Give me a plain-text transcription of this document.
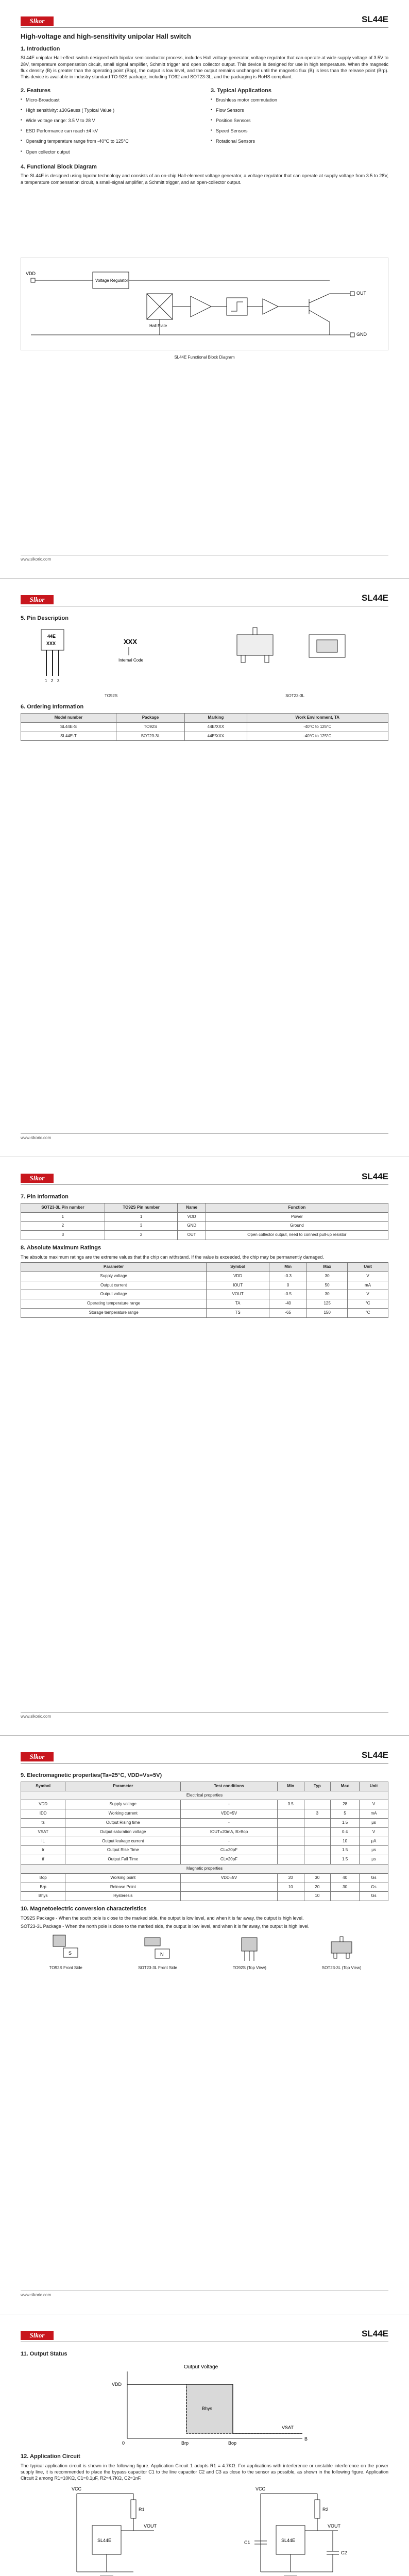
Slkor	SL44E
High-voltage and high-sensitivity unipolar Hall switch
1. Introduction

SL44E unipolar Hall-effect switch designed with bipolar semiconductor process, includes Hall voltage generator, voltage regulator that can operate at wide supply voltage of 3.5V to 28V, temperature compensation circuit, small signal amplifier, Schmitt trigger and open collector output. This device is designed for use in high temperature. When the magnetic flux density (B) is greater than the operating point (Bop), the output is low level, and the output remains unchanged until the magnetic flux (B) is less than the release point (Brp). This device is available in industry standard TO-92S package, including TO92 and SOT23-3L, and the packaging is RoHS compliant.

2. Features
▪ Micro-Broadcast
▪ High sensitivity: ±30Gauss ( Typical Value )
▪ Wide voltage range: 3.5 V to 28 V
▪ ESD Performance can reach ±4 kV
▪ Operating temperature range from -40°C to 125°C
▪ Open collector output
3. Typical Applications
▪ Brushless motor commutation
▪ Flow Sensors
▪ Position Sensors
▪ Speed Sensors
▪ Rotational Sensors
4. Functional Block Diagram

The SL44E is designed using bipolar technology and consists of an on-chip Hall-element voltage generator, a voltage regulator that can operate at supply voltage from 3.5 to 28V, a temperature compensation circuit, a small-signal amplifier, a Schmitt trigger, and an open-collector output.

VDD
Voltage Regulator
Hall Plate
OUT
GND
SL44E Functional Block Diagram
www.slkoric.com
Slkor	SL44E
5. Pin Description
44E
XXX
1 2 3
XXX
Internal Code
TO92S	SOT23-3L
6. Ordering Information
Model number	Package	Marking	Work Environment, TA
SL44E-S	TO92S	44E/XXX	-40°C to 125°C
SL44E-T	SOT23-3L	44E/XXX	-40°C to 125°C
www.slkoric.com
Slkor	SL44E
7. Pin Information
SOT23-3L Pin number	TO92S Pin number	Name	Function
1	1	VDD	Power
2	3	GND	Ground
3	2	OUT	Open collector output, need to connect pull-up resistor
8. Absolute Maximum Ratings

The absolute maximum ratings are the extreme values that the chip can withstand. If the value is exceeded, the chip may be permanently damaged.

Parameter	Symbol	Min	Max	Unit
Supply voltage	VDD	-0.3	30	V
Output current	IOUT	0	50	mA
Output voltage	VOUT	-0.5	30	V
Operating temperature range	TA	-40	125	°C
Storage temperature range	TS	-65	150	°C
www.slkoric.com
Slkor	SL44E
9. Electromagnetic properties(Ta=25°C, VDD=Vs=5V)
Symbol	Parameter	Test conditions	Min	Typ	Max	Unit
Electrical properties						
VDD	Supply voltage	-	3.5		28	V
IDD	Working current	VDD=5V		3	5	mA
ts	Output Rising time	-			1.5	μs
VSAT	Output saturation voltage	IOUT=20mA, B>Bop			0.4	V
IL	Output leakage current	-			10	μA
tr	Output Rise Time	CL=20pF			1.5	μs
tf	Output Fall Time	CL=20pF			1.5	μs
Magnetic properties						
Bop	Working point	VDD=5V	20	30	40	Gs
Brp	Release Point		10	20	30	Gs
Bhys	Hysteresis			10		Gs
10. Magnetoelectric conversion characteristics

TO92S Package - When the south pole is close to the marked side, the output is low level, and when it is far away, the output is high level.

SOT23-3L Package - When the north pole is close to the marked side, the output is low level, and when it is far away, the output is high level.

S
TO92S Front Side
N
SOT23-3L Front Side	TO92S (Top View)	SOT23-3L (Top View)
www.slkoric.com
Slkor	SL44E
11. Output Status
Output Voltage
Bhys
VDD
VSAT
0	Brp	Bop
B
12. Application Circuit

The typical application circuit is shown in the following figure. Application Circuit 1 adopts R1 = 4.7KΩ. For applications with interference or unstable interference on the power supply line, it is recommended to place the bypass capacitor C1 to the line capacitor C2 and C3 as close to the sensor as possible, as shown in the following figure. Application Circuit 2 among R1=10KΩ, C1=0.1μF, R2=4.7KΩ, C2=1nF.

VCC
R1
SL44E
VOUT
VCC
R2
C1	SL44E
VOUT
C2
